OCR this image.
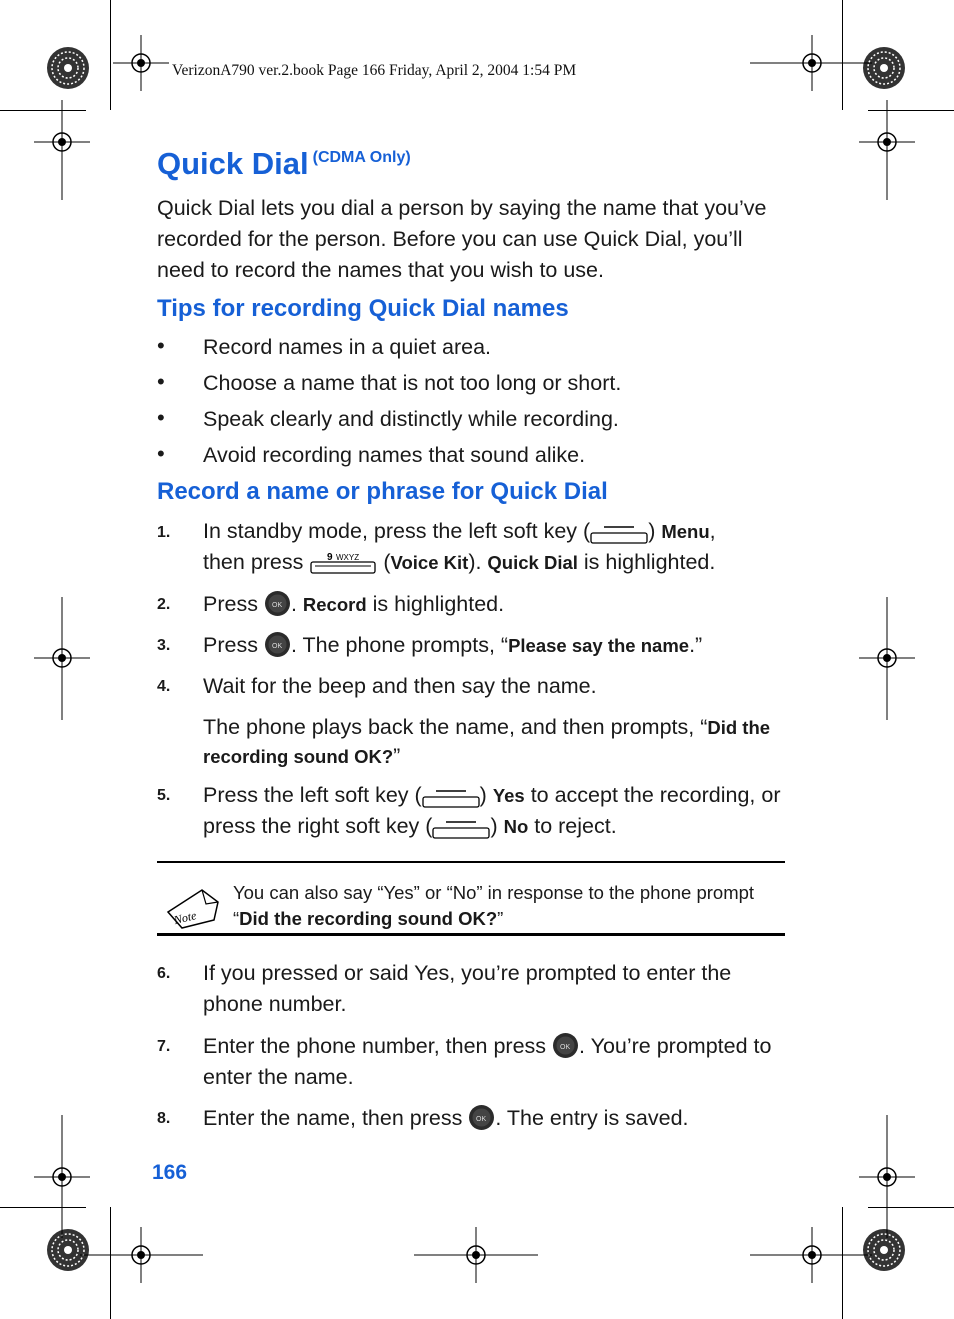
VerizonA790 ver.2.book Page 166 Friday, April 2, 2004 1:54 PM
Quick Dial $^{(CDMA Only)}$
Quick Dial lets you dial a person by saying the name that you’ve recorded for the person. Before you can use Quick Dial, you’ll need to record the names that you wish to use.
Tips for recording Quick Dial names
• Record names in a quiet area.
• Choose a name that is not too long or short.
• Speak clearly and distinctly while recording.
• Avoid recording names that sound alike.
Record a name or phrase for Quick Dial
1. In standby mode, press the left soft key (	) Menu,
then press 9 WXYZ (Voice Kit). Quick Dial is highlighted.
2. Press OK . Record is highlighted.
3. Press OK . The phone prompts, “Please say the name.”
4. Wait for the beep and then say the name.
The phone plays back the name, and then prompts, “Did the recording sound OK?”
5. Press the left soft key (	) Yes to accept the recording, or press the right soft key (	) No to reject.
Note
You can also say “Yes” or “No” in response to the phone prompt “Did the recording sound OK?”
6. If you pressed or said Yes, you’re prompted to enter the phone number.
7. Enter the phone number, then press OK . You’re prompted to enter the name.
8. Enter the name, then press OK . The entry is saved.
166
